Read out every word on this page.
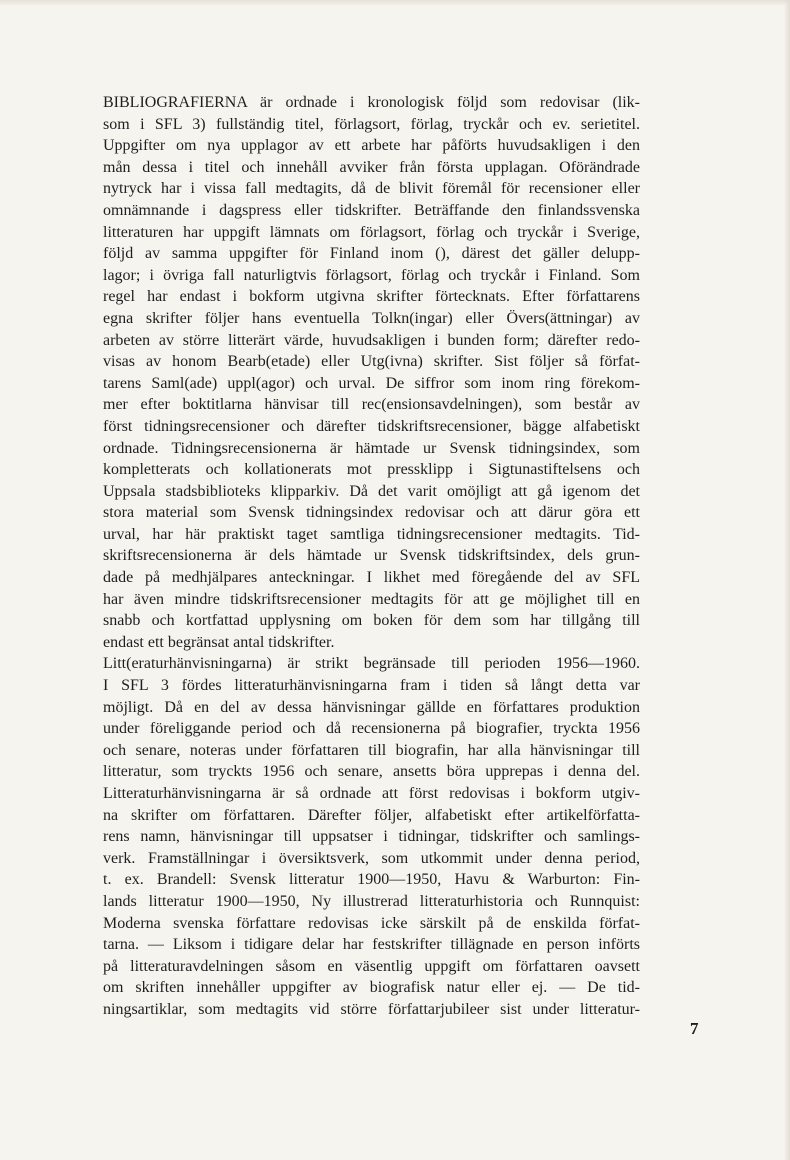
BIBLIOGRAFIERNA är ordnade i kronologisk följd som redovisar (lik-
som i SFL 3) fullständig titel, förlagsort, förlag, tryckår och ev. serietitel.
Uppgifter om nya upplagor av ett arbete har påförts huvudsakligen i den
mån dessa i titel och innehåll avviker från första upplagan. Oförändrade
nytryck har i vissa fall medtagits, då de blivit föremål för recensioner eller
omnämnande i dagspress eller tidskrifter. Beträffande den finlandssvenska
litteraturen har uppgift lämnats om förlagsort, förlag och tryckår i Sverige,
följd av samma uppgifter för Finland inom (), därest det gäller delupp-
lagor; i övriga fall naturligtvis förlagsort, förlag och tryckår i Finland. Som
regel har endast i bokform utgivna skrifter förtecknats. Efter författarens
egna skrifter följer hans eventuella Tolkn(ingar) eller Övers(ättningar) av
arbeten av större litterärt värde, huvudsakligen i bunden form; därefter redo-
visas av honom Bearb(etade) eller Utg(ivna) skrifter. Sist följer så förfat-
tarens Saml(ade) uppl(agor) och urval. De siffror som inom ring förekom-
mer efter boktitlarna hänvisar till rec(ensionsavdelningen), som består av
först tidningsrecensioner och därefter tidskriftsrecensioner, bägge alfabetiskt
ordnade. Tidningsrecensionerna är hämtade ur Svensk tidningsindex, som
kompletterats och kollationerats mot pressklipp i Sigtunastiftelsens och
Uppsala stadsbiblioteks klipparkiv. Då det varit omöjligt att gå igenom det
stora material som Svensk tidningsindex redovisar och att därur göra ett
urval, har här praktiskt taget samtliga tidningsrecensioner medtagits. Tid-
skriftsrecensionerna är dels hämtade ur Svensk tidskriftsindex, dels grun-
dade på medhjälpares anteckningar. I likhet med föregående del av SFL
har även mindre tidskriftsrecensioner medtagits för att ge möjlighet till en
snabb och kortfattad upplysning om boken för dem som har tillgång till
endast ett begränsat antal tidskrifter.
Litt(eraturhänvisningarna) är strikt begränsade till perioden 1956—1960.
I SFL 3 fördes litteraturhänvisningarna fram i tiden så långt detta var
möjligt. Då en del av dessa hänvisningar gällde en författares produktion
under föreliggande period och då recensionerna på biografier, tryckta 1956
och senare, noteras under författaren till biografin, har alla hänvisningar till
litteratur, som tryckts 1956 och senare, ansetts böra upprepas i denna del.
Litteraturhänvisningarna är så ordnade att först redovisas i bokform utgiv-
na skrifter om författaren. Därefter följer, alfabetiskt efter artikelförfatta-
rens namn, hänvisningar till uppsatser i tidningar, tidskrifter och samlings-
verk. Framställningar i översiktsverk, som utkommit under denna period,
t. ex. Brandell: Svensk litteratur 1900—1950, Havu & Warburton: Fin-
lands litteratur 1900—1950, Ny illustrerad litteraturhistoria och Runnquist:
Moderna svenska författare redovisas icke särskilt på de enskilda förfat-
tarna. — Liksom i tidigare delar har festskrifter tillägnade en person införts
på litteraturavdelningen såsom en väsentlig uppgift om författaren oavsett
om skriften innehåller uppgifter av biografisk natur eller ej. — De tid-
ningsartiklar, som medtagits vid större författarjubileer sist under litteratur-
7
